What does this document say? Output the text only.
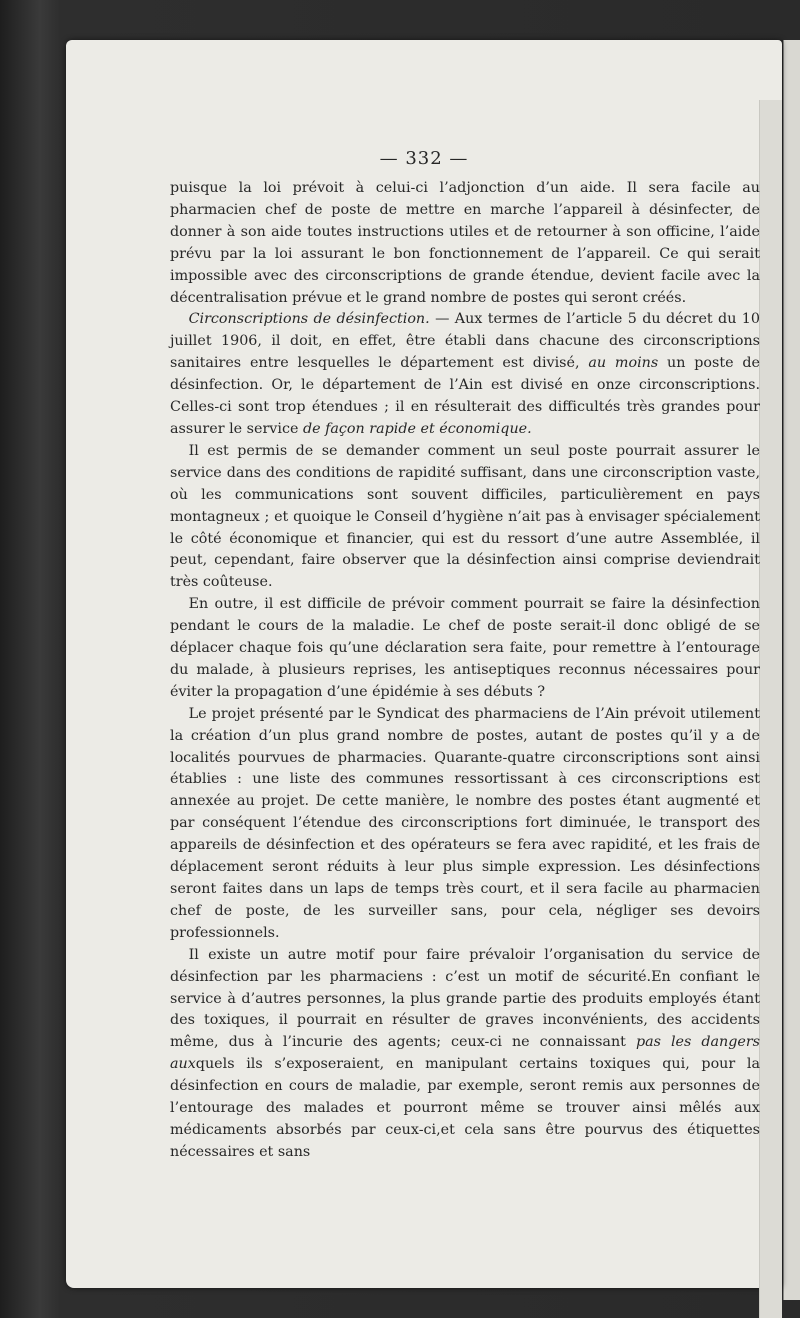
— 332 —

puisque la loi prévoit à celui-ci l’adjonction d’un aide. Il sera facile au pharmacien chef de poste de mettre en marche l’appareil à désinfecter, de donner à son aide toutes instructions utiles et de retourner à son officine, l’aide prévu par la loi assurant le bon fonctionnement de l’appareil. Ce qui serait impossible avec des circonscriptions de grande étendue, devient facile avec la décentralisation prévue et le grand nombre de postes qui seront créés.

Circonscriptions de désinfection. — Aux termes de l’article 5 du décret du 10 juillet 1906, il doit, en effet, être établi dans chacune des circonscriptions sanitaires entre lesquelles le département est divisé, au moins un poste de désinfection. Or, le département de l’Ain est divisé en onze circonscriptions. Celles-ci sont trop étendues ; il en résulterait des difficultés très grandes pour assurer le service de façon rapide et économique.

Il est permis de se demander comment un seul poste pourrait assurer le service dans des conditions de rapidité suffisant, dans une circonscription vaste, où les communications sont souvent difficiles, particulièrement en pays montagneux ; et quoique le Conseil d’hygiène n’ait pas à envisager spécialement le côté économique et financier, qui est du ressort d’une autre Assemblée, il peut, cependant, faire observer que la désinfection ainsi comprise deviendrait très coûteuse.

En outre, il est difficile de prévoir comment pourrait se faire la désinfection pendant le cours de la maladie. Le chef de poste serait-il donc obligé de se déplacer chaque fois qu’une déclaration sera faite, pour remettre à l’entourage du malade, à plusieurs reprises, les antiseptiques reconnus nécessaires pour éviter la propagation d’une épidémie à ses débuts ?

Le projet présenté par le Syndicat des pharmaciens de l’Ain prévoit utilement la création d’un plus grand nombre de postes, autant de postes qu’il y a de localités pourvues de pharmacies. Quarante-quatre circonscriptions sont ainsi établies : une liste des communes ressortissant à ces circonscriptions est annexée au projet. De cette manière, le nombre des postes étant augmenté et par conséquent l’étendue des circonscriptions fort diminuée, le transport des appareils de désinfection et des opérateurs se fera avec rapidité, et les frais de déplacement seront réduits à leur plus simple expression. Les désinfections seront faites dans un laps de temps très court, et il sera facile au pharmacien chef de poste, de les surveiller sans, pour cela, négliger ses devoirs professionnels.

Il existe un autre motif pour faire prévaloir l’organisation du service de désinfection par les pharmaciens : c’est un motif de sécurité.En confiant le service à d’autres personnes, la plus grande partie des produits employés étant des toxiques, il pourrait en résulter de graves inconvénients, des accidents même, dus à l’incurie des agents; ceux-ci ne connaissant pas les dangers auxquels ils s’exposeraient, en manipulant certains toxiques qui, pour la désinfection en cours de maladie, par exemple, seront remis aux personnes de l’entourage des malades et pourront même se trouver ainsi mêlés aux médicaments absorbés par ceux-ci,et cela sans être pourvus des étiquettes nécessaires et sans
